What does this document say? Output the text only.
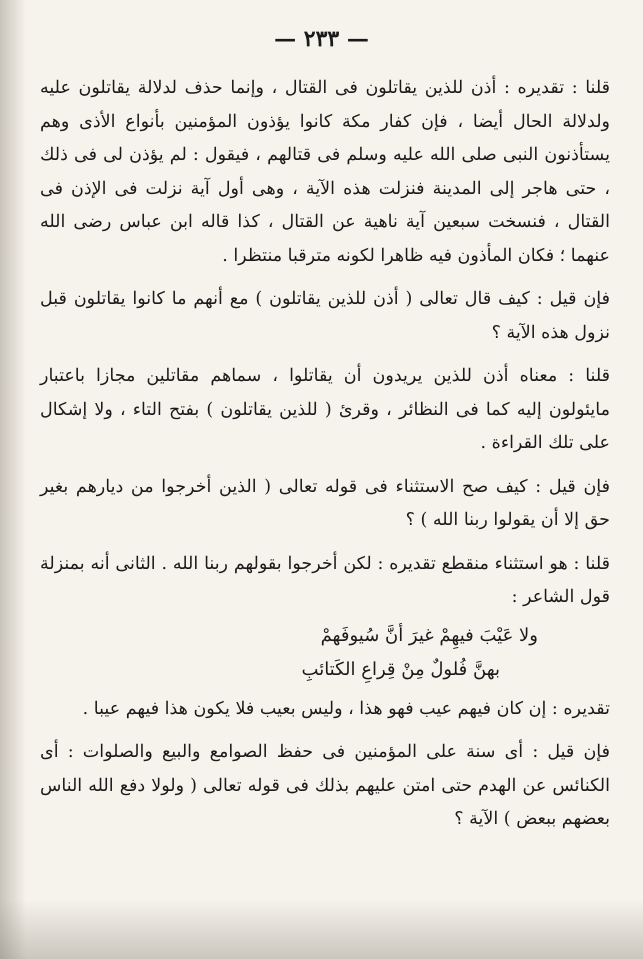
— ٢٣٣ —

قلنا : تقديره : أذن للذين يقاتلون فى القتال ، وإنما حذف لدلالة يقاتلون عليه ولدلالة الحال أيضا ، فإن كفار مكة كانوا يؤذون المؤمنين بأنواع الأذى وهم يستأذنون النبى صلى الله عليه وسلم فى قتالهم ، فيقول : لم يؤذن لى فى ذلك ، حتى هاجر إلى المدينة فنزلت هذه الآية ، وهى أول آية نزلت فى الإذن فى القتال ، فنسخت سبعين آية ناهية عن القتال ، كذا قاله ابن عباس رضى الله عنهما ؛ فكان المأذون فيه ظاهرا لكونه مترقبا منتظرا .

فإن قيل : كيف قال تعالى ( أذن للذين يقاتلون ) مع أنهم ما كانوا يقاتلون قبل نزول هذه الآية ؟

قلنا : معناه أذن للذين يريدون أن يقاتلوا ، سماهم مقاتلين مجازا باعتبار مايئولون إليه كما فى النظائر ، وقرئ ( للذين يقاتلون ) بفتح التاء ، ولا إشكال على تلك القراءة .

فإن قيل : كيف صح الاستثناء فى قوله تعالى ( الذين أخرجوا من ديارهم بغير حق إلا أن يقولوا ربنا الله ) ؟

قلنا : هو استثناء منقطع تقديره : لكن أخرجوا بقولهم ربنا الله . الثانى أنه بمنزلة قول الشاعر :

ولا عَيْبَ فيهِمْ غيرَ أنَّ سُيوفَهمْ

بهنَّ فُلولٌ مِنْ قِراعِ الكَتائبِ

تقديره : إن كان فيهم عيب فهو هذا ، وليس بعيب فلا يكون هذا فيهم عيبا .

فإن قيل : أى سنة على المؤمنين فى حفظ الصوامع والبيع والصلوات : أى الكنائس عن الهدم حتى امتن عليهم بذلك فى قوله تعالى ( ولولا دفع الله الناس بعضهم ببعض ) الآية ؟
